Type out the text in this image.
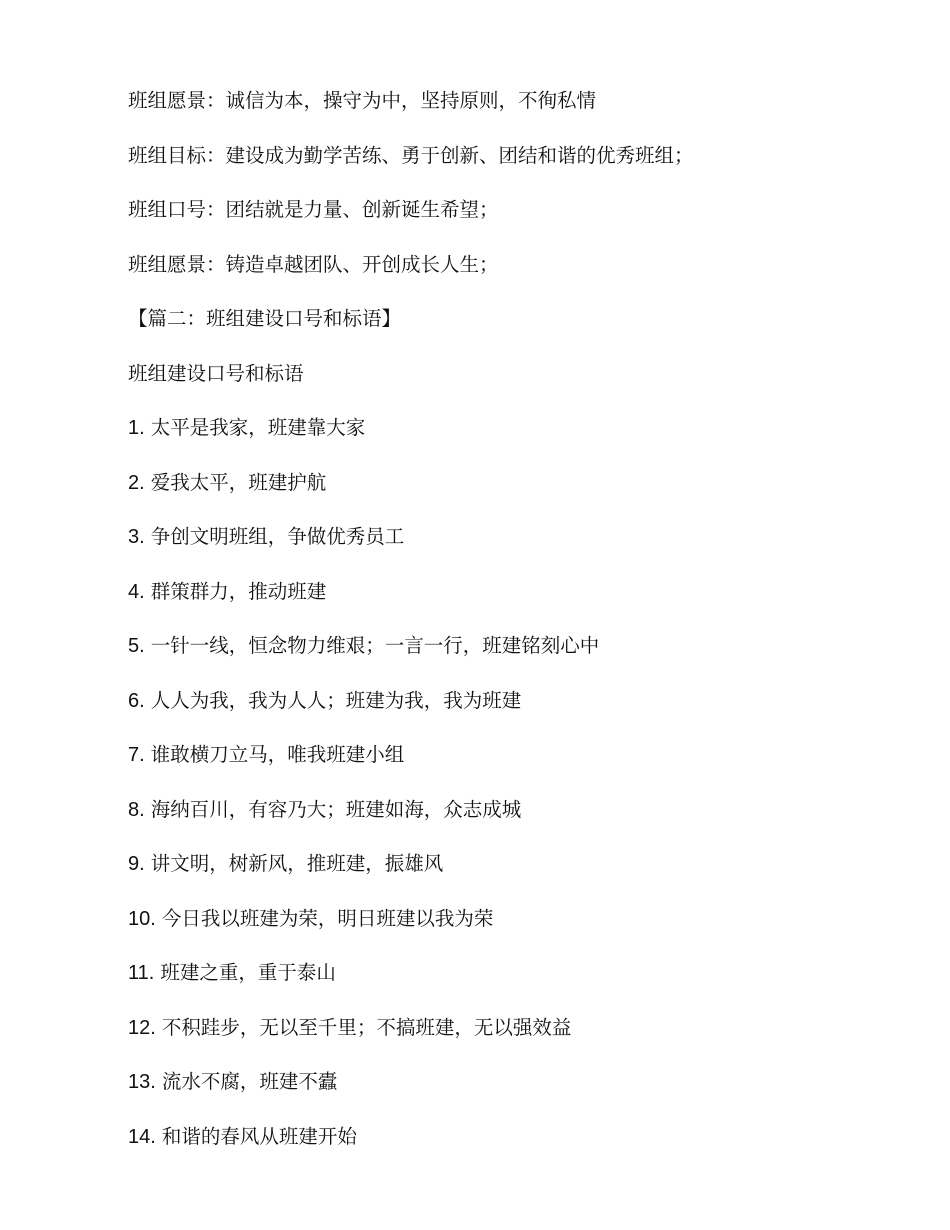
班组愿景：诚信为本，操守为中，坚持原则，不徇私情
班组目标：建设成为勤学苦练、勇于创新、团结和谐的优秀班组；
班组口号：团结就是力量、创新诞生希望；
班组愿景：铸造卓越团队、开创成长人生；
【篇二：班组建设口号和标语】
班组建设口号和标语
1. 太平是我家，班建靠大家
2. 爱我太平，班建护航
3. 争创文明班组，争做优秀员工
4. 群策群力，推动班建
5. 一针一线，恒念物力维艰；一言一行，班建铭刻心中
6. 人人为我，我为人人；班建为我，我为班建
7. 谁敢横刀立马，唯我班建小组
8. 海纳百川，有容乃大；班建如海，众志成城
9. 讲文明，树新风，推班建，振雄风
10. 今日我以班建为荣，明日班建以我为荣
11. 班建之重，重于泰山
12. 不积跬步，无以至千里；不搞班建，无以强效益
13. 流水不腐，班建不蠹
14. 和谐的春风从班建开始
